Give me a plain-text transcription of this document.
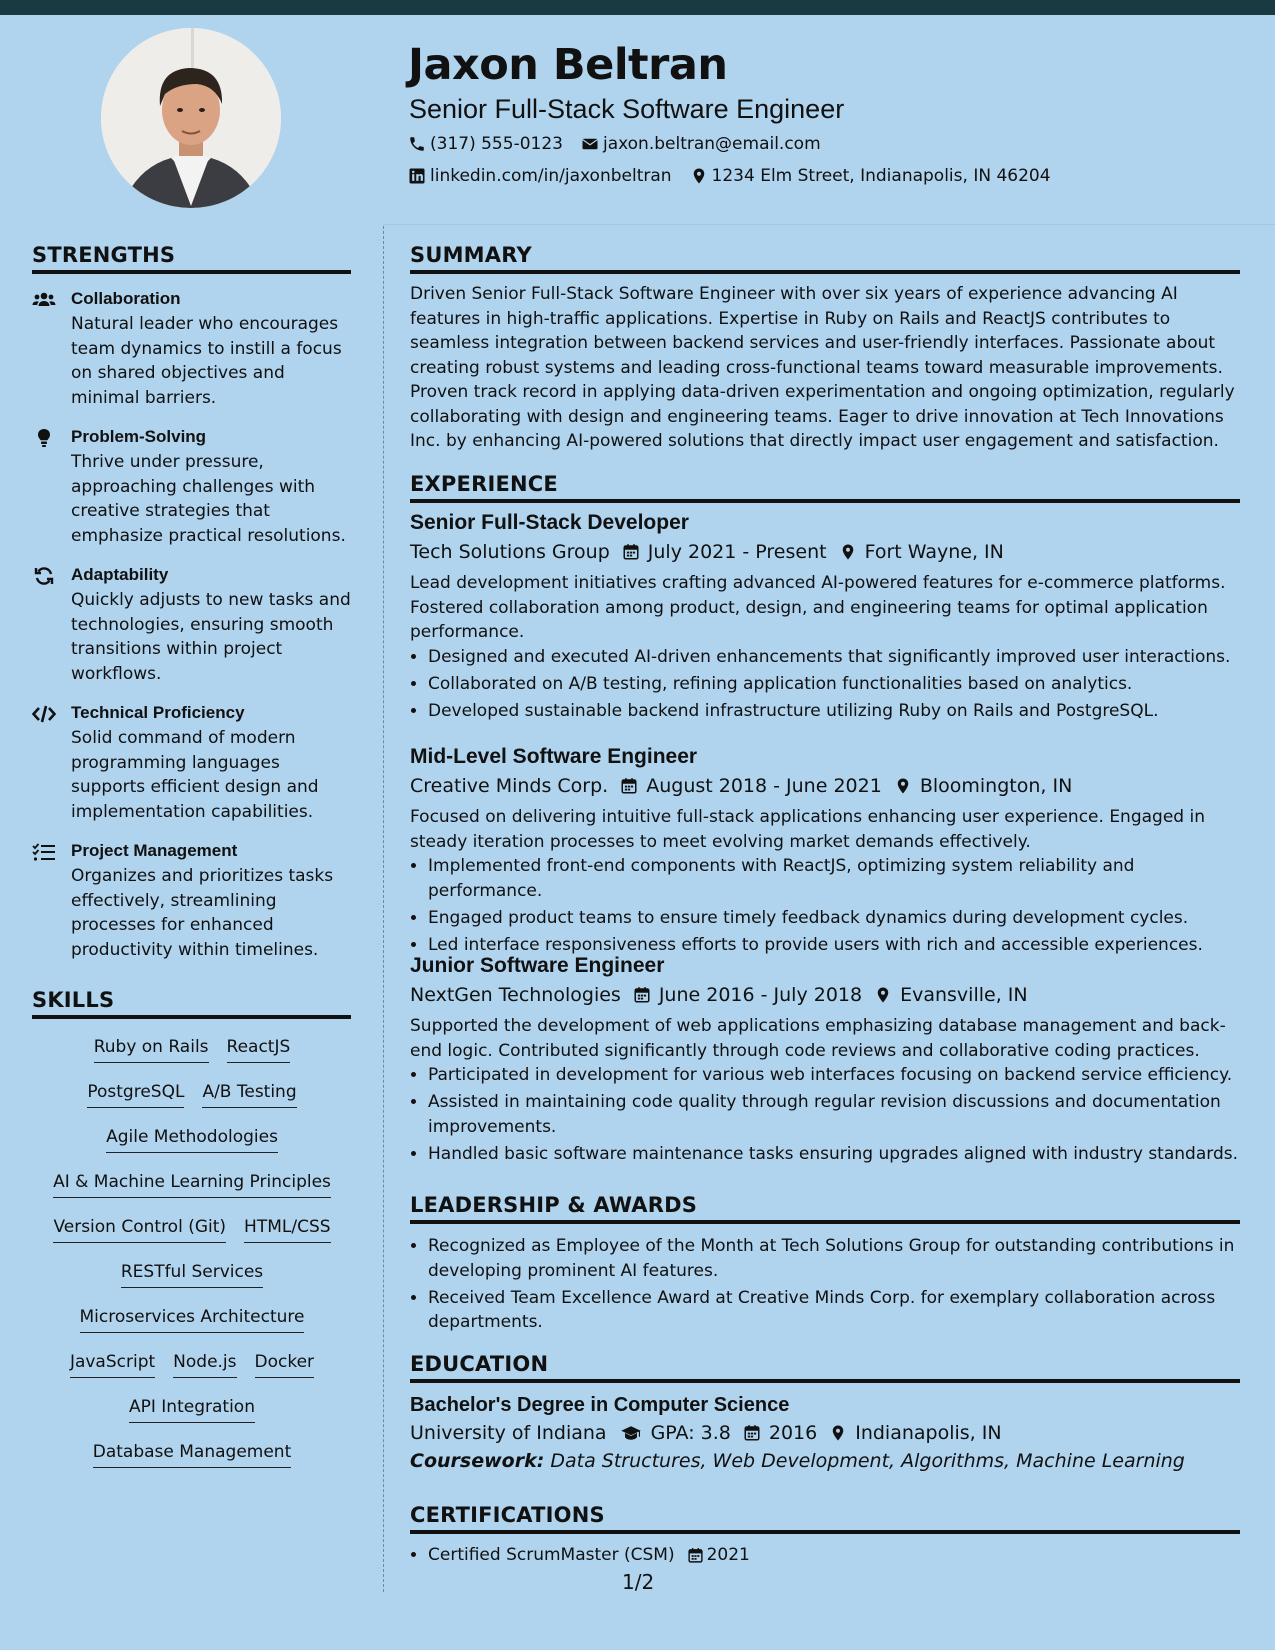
Jaxon Beltran
Senior Full-Stack Software Engineer
(317) 555-0123 jaxon.beltran@email.com
linkedin.com/in/jaxonbeltran 1234 Elm Street, Indianapolis, IN 46204
STRENGTHS
Collaboration
Natural leader who encourages team dynamics to instill a focus on shared objectives and minimal barriers.
Problem-Solving
Thrive under pressure, approaching challenges with creative strategies that emphasize practical resolutions.
Adaptability
Quickly adjusts to new tasks and technologies, ensuring smooth transitions within project workflows.
Technical Proficiency
Solid command of modern programming languages supports efficient design and implementation capabilities.
Project Management
Organizes and prioritizes tasks effectively, streamlining processes for enhanced productivity within timelines.
SKILLS
Ruby on Rails ReactJS
PostgreSQL A/B Testing
Agile Methodologies
AI & Machine Learning Principles
Version Control (Git) HTML/CSS
RESTful Services
Microservices Architecture
JavaScript Node.js Docker
API Integration
Database Management
SUMMARY
Driven Senior Full-Stack Software Engineer with over six years of experience advancing AI features in high-traffic applications. Expertise in Ruby on Rails and ReactJS contributes to seamless integration between backend services and user-friendly interfaces. Passionate about creating robust systems and leading cross-functional teams toward measurable improvements. Proven track record in applying data-driven experimentation and ongoing optimization, regularly collaborating with design and engineering teams. Eager to drive innovation at Tech Innovations Inc. by enhancing AI-powered solutions that directly impact user engagement and satisfaction.
EXPERIENCE
Senior Full-Stack Developer
Tech Solutions Group July 2021 - Present Fort Wayne, IN
Lead development initiatives crafting advanced AI-powered features for e-commerce platforms. Fostered collaboration among product, design, and engineering teams for optimal application performance.
• Designed and executed AI-driven enhancements that significantly improved user interactions.
• Collaborated on A/B testing, refining application functionalities based on analytics.
• Developed sustainable backend infrastructure utilizing Ruby on Rails and PostgreSQL.
Mid-Level Software Engineer
Creative Minds Corp. August 2018 - June 2021 Bloomington, IN
Focused on delivering intuitive full-stack applications enhancing user experience. Engaged in steady iteration processes to meet evolving market demands effectively.
• Implemented front-end components with ReactJS, optimizing system reliability and performance.
• Engaged product teams to ensure timely feedback dynamics during development cycles.
• Led interface responsiveness efforts to provide users with rich and accessible experiences.
Junior Software Engineer
NextGen Technologies June 2016 - July 2018 Evansville, IN
Supported the development of web applications emphasizing database management and back-end logic. Contributed significantly through code reviews and collaborative coding practices.
• Participated in development for various web interfaces focusing on backend service efficiency.
• Assisted in maintaining code quality through regular revision discussions and documentation improvements.
• Handled basic software maintenance tasks ensuring upgrades aligned with industry standards.
LEADERSHIP & AWARDS
• Recognized as Employee of the Month at Tech Solutions Group for outstanding contributions in developing prominent AI features.
• Received Team Excellence Award at Creative Minds Corp. for exemplary collaboration across departments.
EDUCATION
Bachelor's Degree in Computer Science
University of Indiana GPA: 3.8 2016 Indianapolis, IN
Coursework: Data Structures, Web Development, Algorithms, Machine Learning
CERTIFICATIONS
• Certified ScrumMaster (CSM) 2021
1/2
